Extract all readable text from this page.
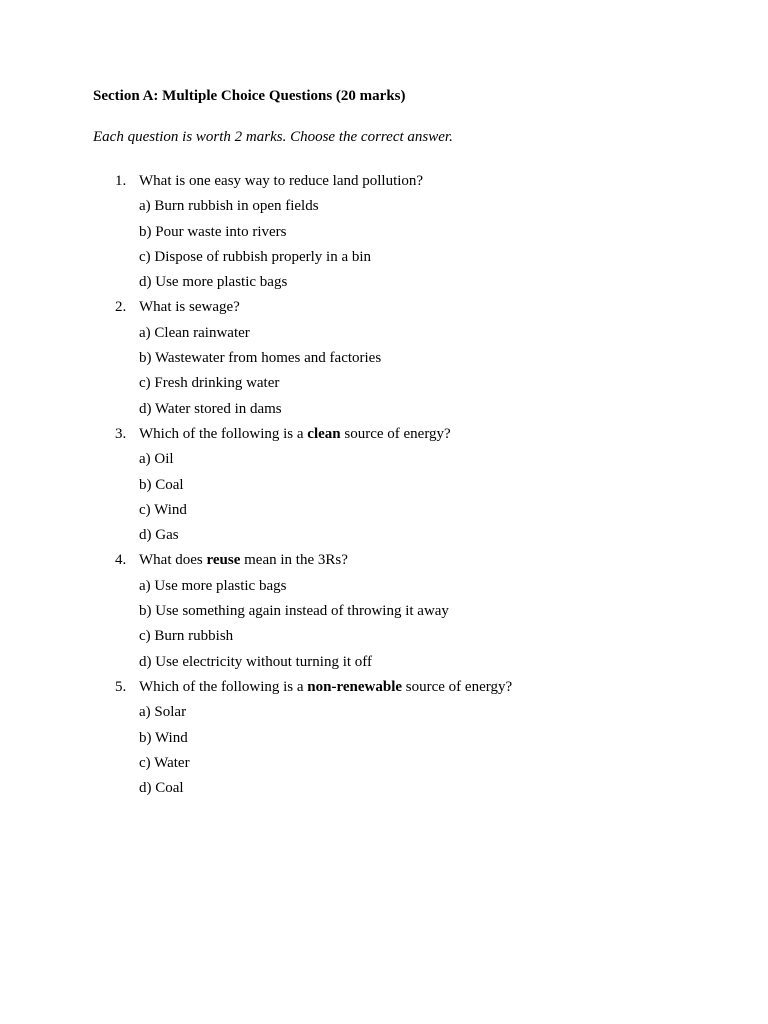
Section A: Multiple Choice Questions (20 marks)

Each question is worth 2 marks. Choose the correct answer.

1. What is one easy way to reduce land pollution?
a) Burn rubbish in open fields
b) Pour waste into rivers
c) Dispose of rubbish properly in a bin
d) Use more plastic bags
2. What is sewage?
a) Clean rainwater
b) Wastewater from homes and factories
c) Fresh drinking water
d) Water stored in dams
3. Which of the following is a clean source of energy?
a) Oil
b) Coal
c) Wind
d) Gas
4. What does reuse mean in the 3Rs?
a) Use more plastic bags
b) Use something again instead of throwing it away
c) Burn rubbish
d) Use electricity without turning it off
5. Which of the following is a non-renewable source of energy?
a) Solar
b) Wind
c) Water
d) Coal
